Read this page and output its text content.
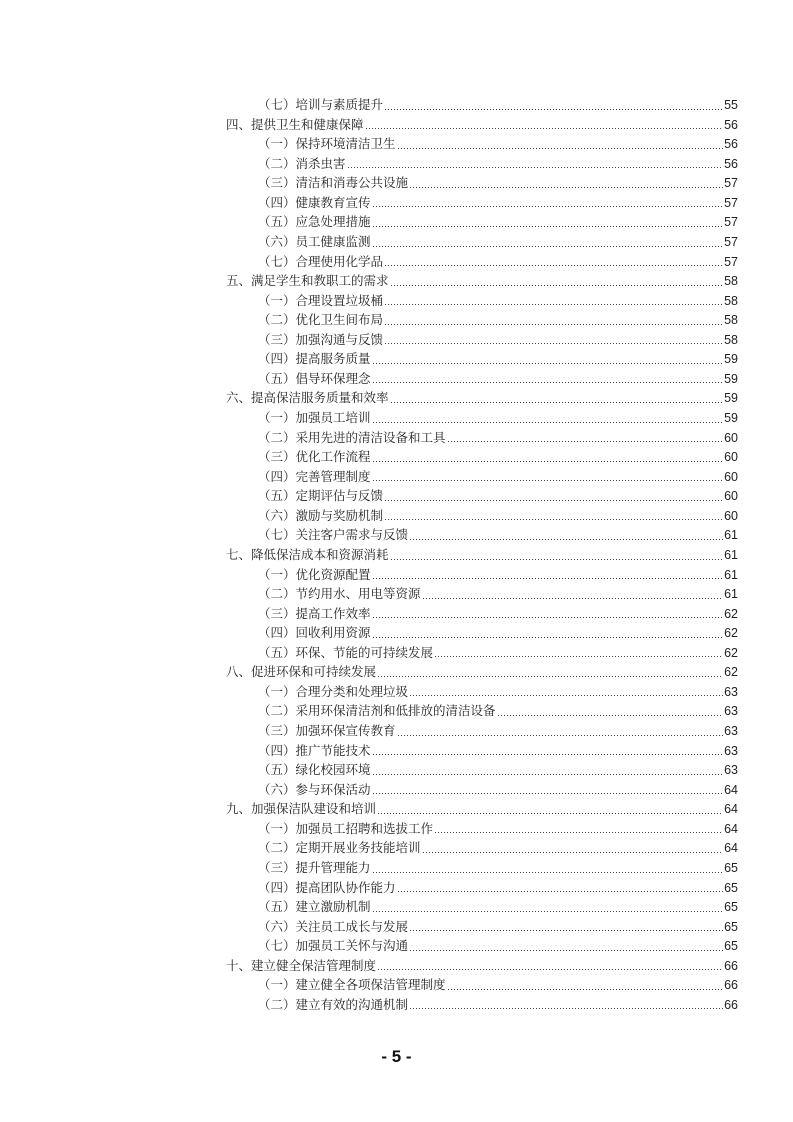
（七）培训与素质提升	55
四、提供卫生和健康保障	56
（一）保持环境清洁卫生	56
（二）消杀虫害	56
（三）清洁和消毒公共设施	57
（四）健康教育宣传	57
（五）应急处理措施	57
（六）员工健康监测	57
（七）合理使用化学品	57
五、满足学生和教职工的需求	58
（一）合理设置垃圾桶	58
（二）优化卫生间布局	58
（三）加强沟通与反馈	58
（四）提高服务质量	59
（五）倡导环保理念	59
六、提高保洁服务质量和效率	59
（一）加强员工培训	59
（二）采用先进的清洁设备和工具	60
（三）优化工作流程	60
（四）完善管理制度	60
（五）定期评估与反馈	60
（六）激励与奖励机制	60
（七）关注客户需求与反馈	61
七、降低保洁成本和资源消耗	61
（一）优化资源配置	61
（二）节约用水、用电等资源	61
（三）提高工作效率	62
（四）回收利用资源	62
（五）环保、节能的可持续发展	62
八、促进环保和可持续发展	62
（一）合理分类和处理垃圾	63
（二）采用环保清洁剂和低排放的清洁设备	63
（三）加强环保宣传教育	63
（四）推广节能技术	63
（五）绿化校园环境	63
（六）参与环保活动	64
九、加强保洁队建设和培训	64
（一）加强员工招聘和选拔工作	64
（二）定期开展业务技能培训	64
（三）提升管理能力	65
（四）提高团队协作能力	65
（五）建立激励机制	65
（六）关注员工成长与发展	65
（七）加强员工关怀与沟通	65
十、建立健全保洁管理制度	66
（一）建立健全各项保洁管理制度	66
（二）建立有效的沟通机制	66
- 5 -
